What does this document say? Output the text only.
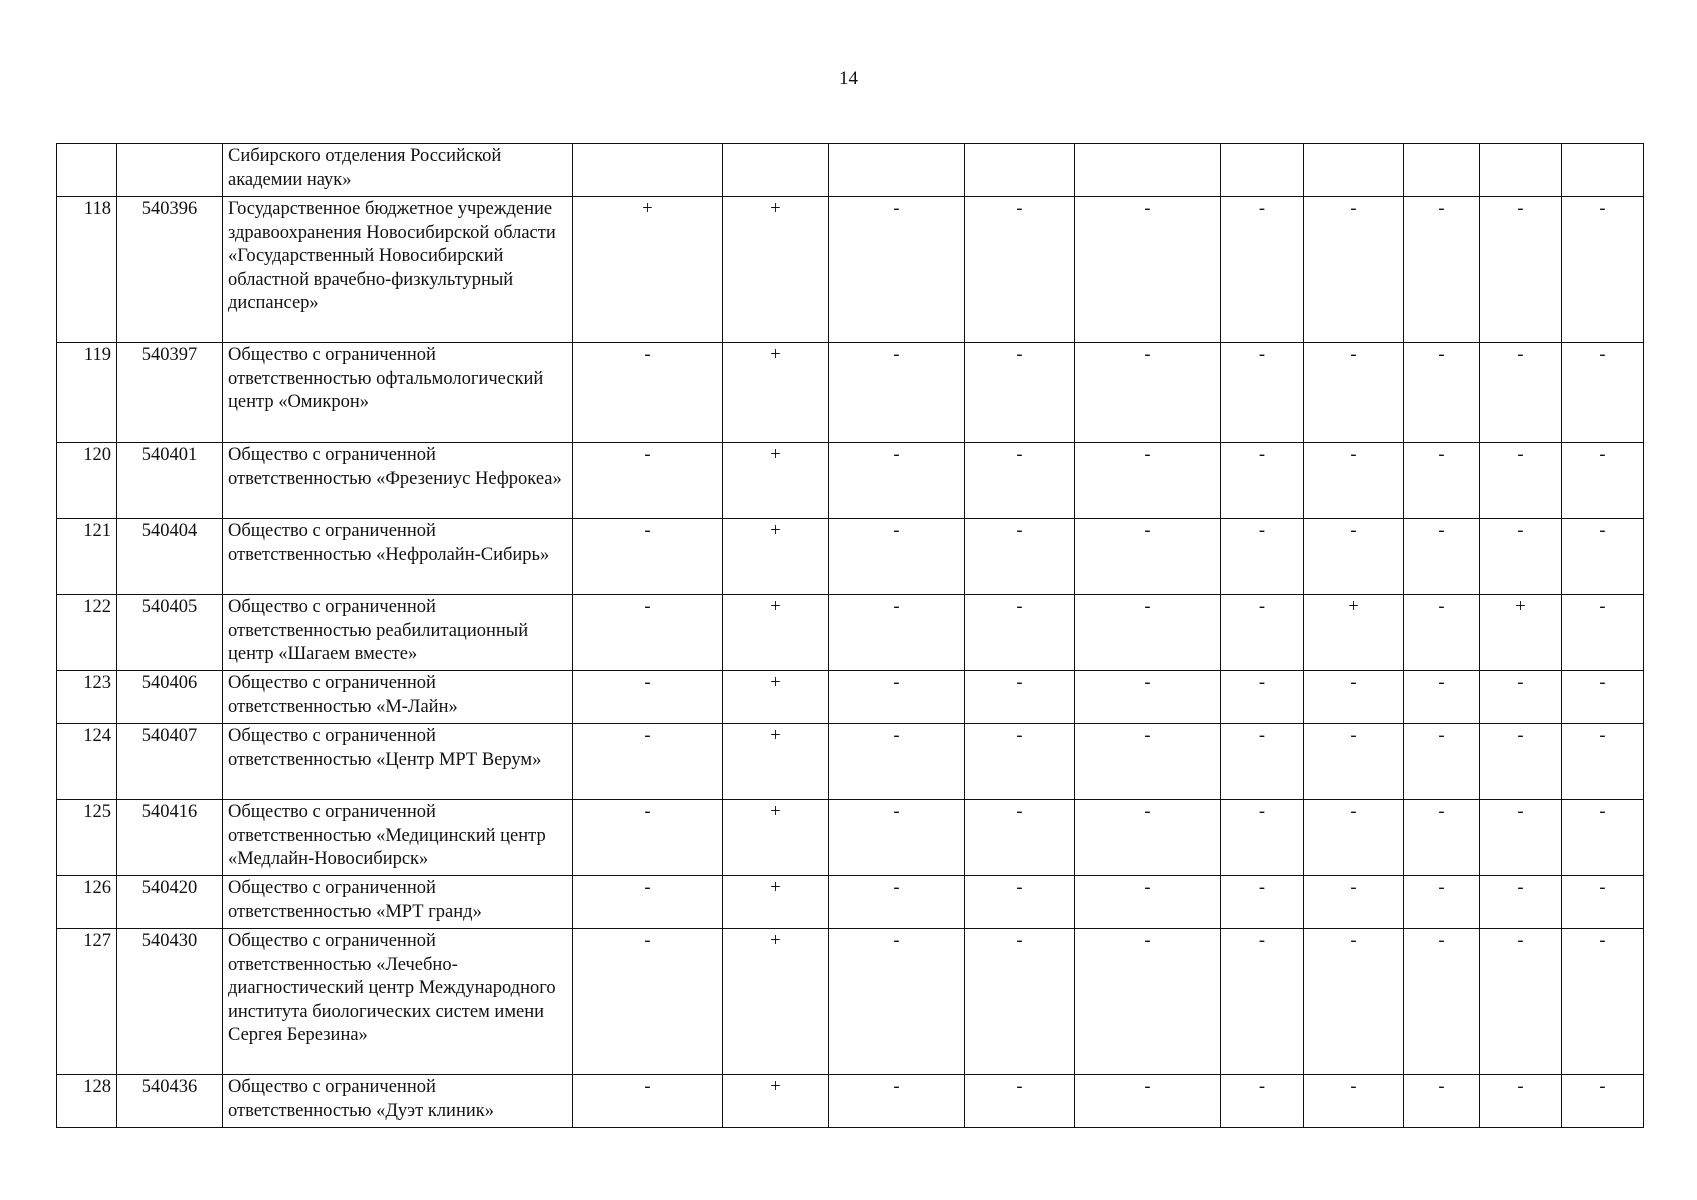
14
		Сибирского отделения Российской академии наук»										
118	540396	Государственное бюджетное учреждение здравоохранения Новосибирской области «Государственный Новосибирский областной врачебно-физкультурный диспансер»	+	+	-	-	-	-	-	-	-	-
119	540397	Общество с ограниченной ответственностью офтальмологический центр «Омикрон»	-	+	-	-	-	-	-	-	-	-
120	540401	Общество с ограниченной ответственностью «Фрезениус Нефрокеа»	-	+	-	-	-	-	-	-	-	-
121	540404	Общество с ограниченной ответственностью «Нефролайн-Сибирь»	-	+	-	-	-	-	-	-	-	-
122	540405	Общество с ограниченной ответственностью реабилитационный центр «Шагаем вместе»	-	+	-	-	-	-	+	-	+	-
123	540406	Общество с ограниченной ответственностью «М-Лайн»	-	+	-	-	-	-	-	-	-	-
124	540407	Общество с ограниченной ответственностью «Центр МРТ Верум»	-	+	-	-	-	-	-	-	-	-
125	540416	Общество с ограниченной ответственностью «Медицинский центр «Медлайн-Новосибирск»	-	+	-	-	-	-	-	-	-	-
126	540420	Общество с ограниченной ответственностью «МРТ гранд»	-	+	-	-	-	-	-	-	-	-
127	540430	Общество с ограниченной ответственностью «Лечебно-диагностический центр Международного института биологических систем имени Сергея Березина»	-	+	-	-	-	-	-	-	-	-
128	540436	Общество с ограниченной ответственностью «Дуэт клиник»	-	+	-	-	-	-	-	-	-	-
